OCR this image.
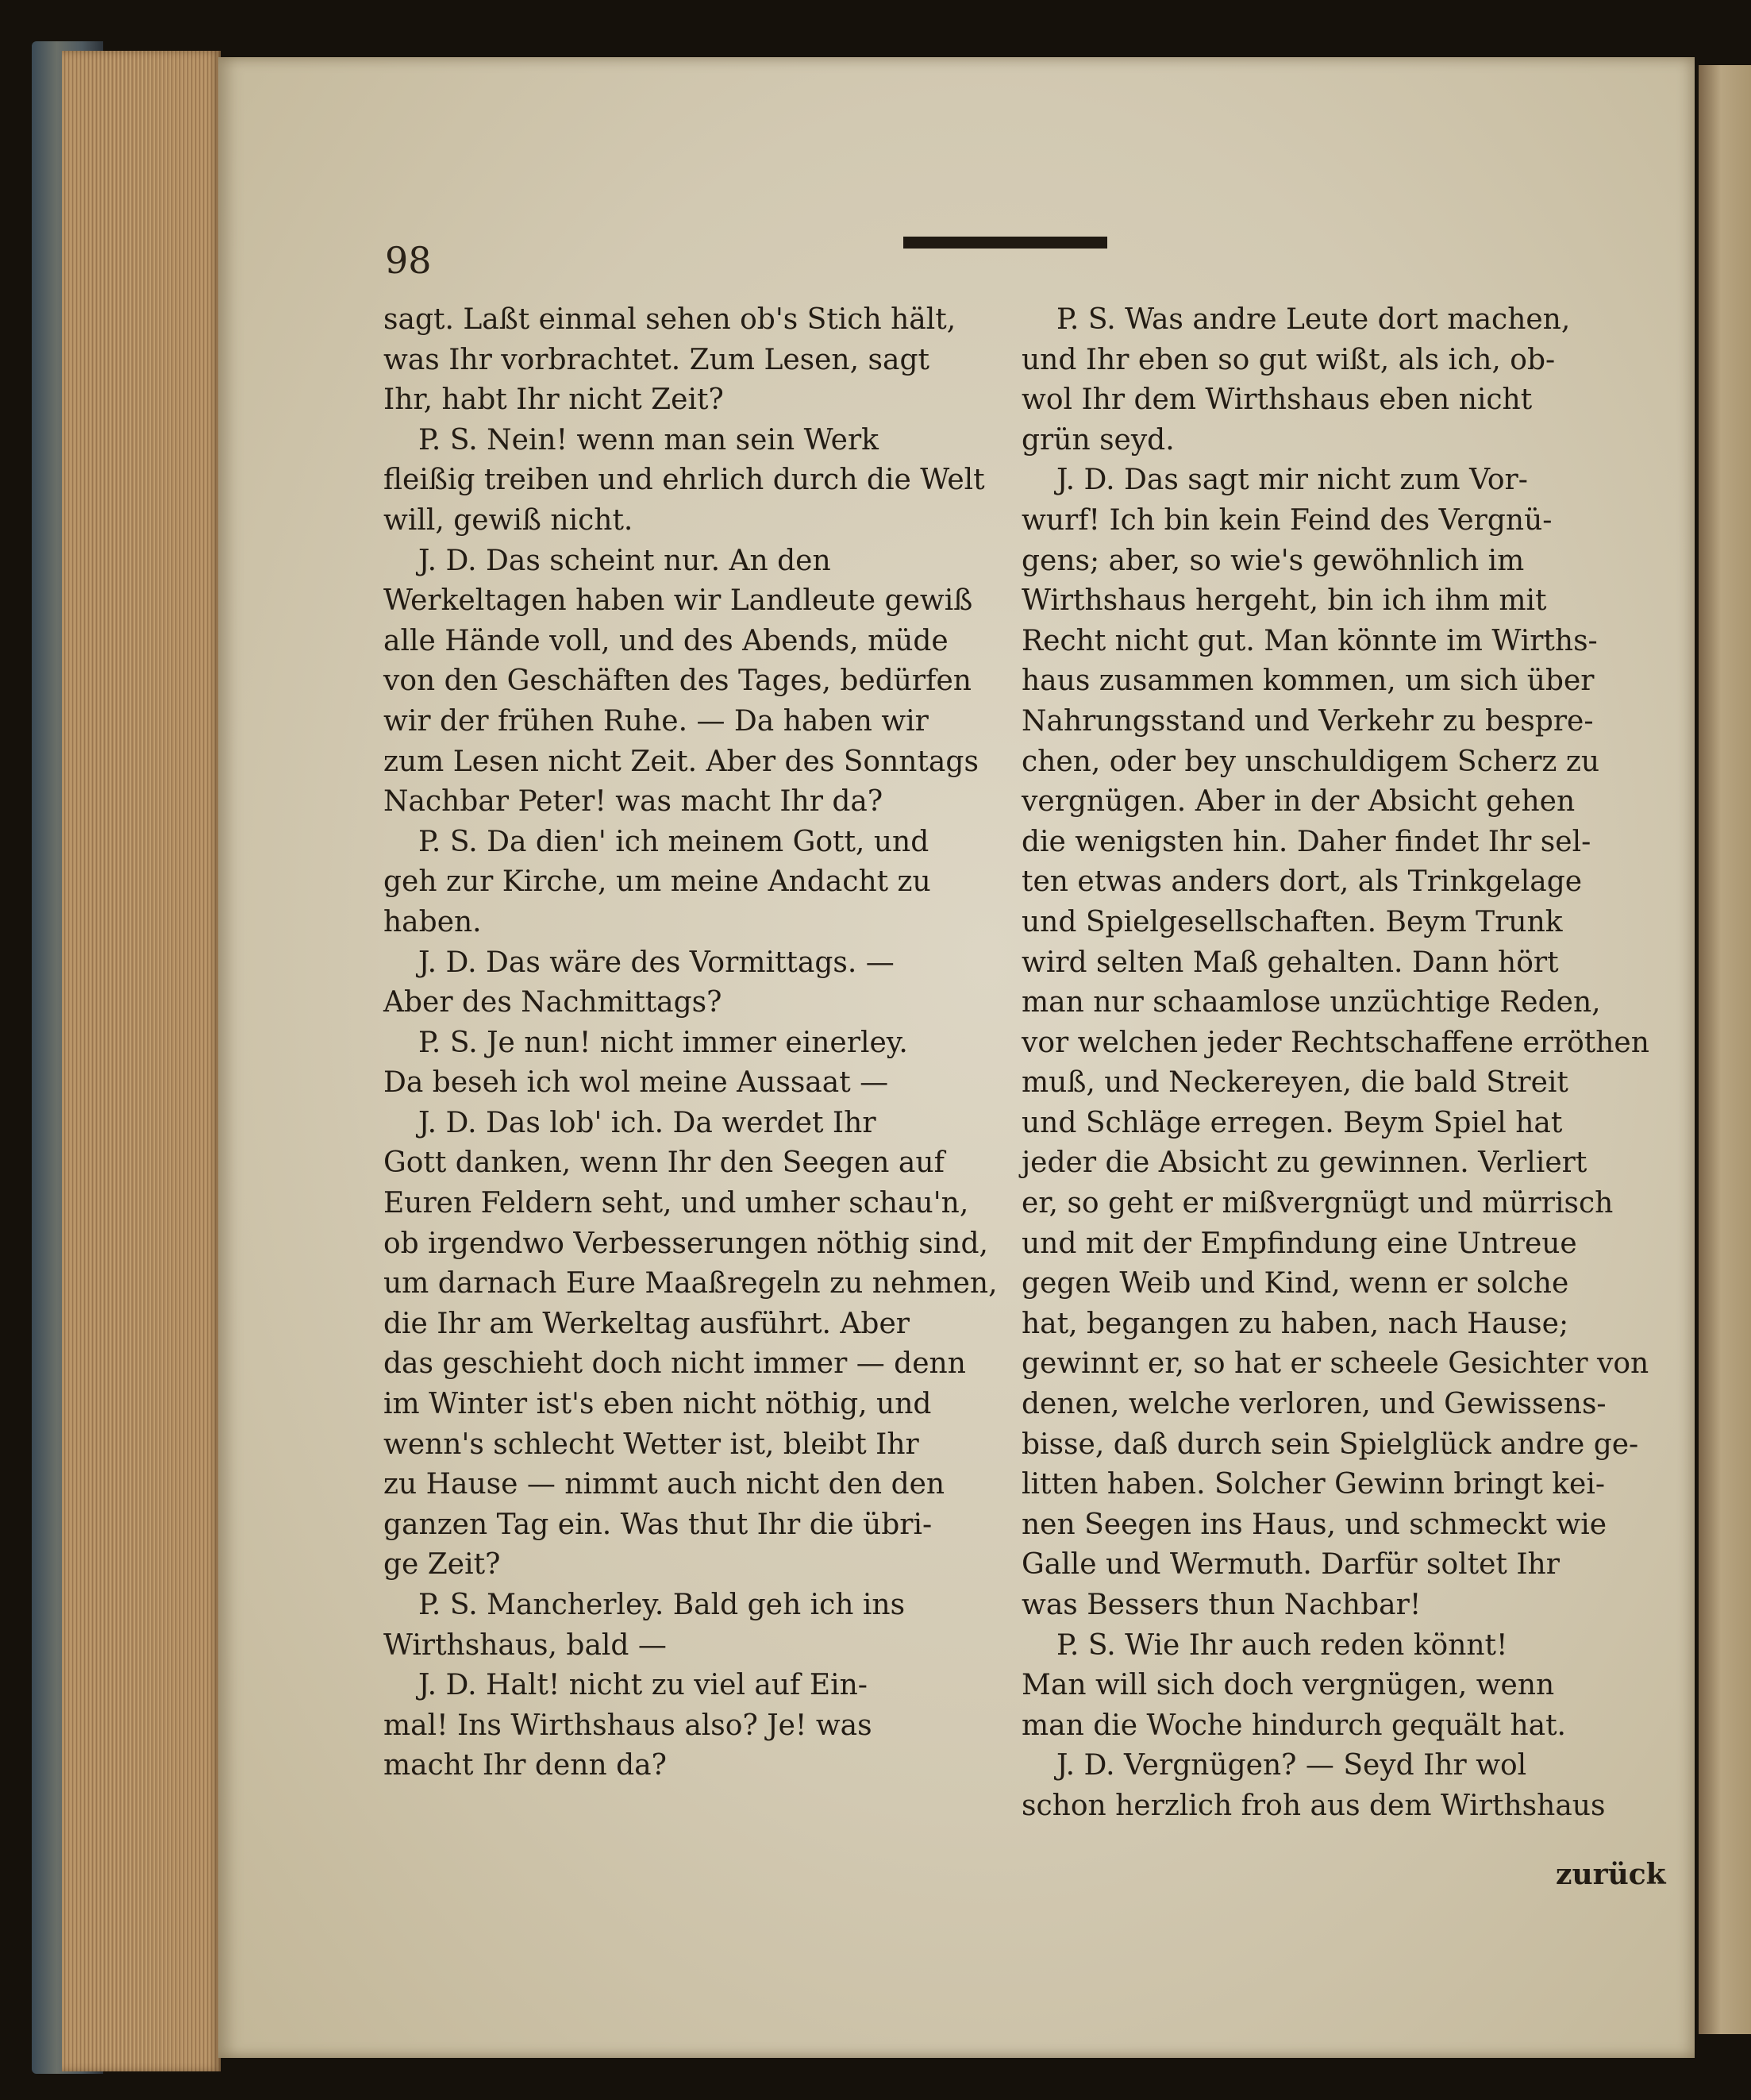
98
sagt. Laßt einmal sehen ob's Stich hält,
was Ihr vorbrachtet. Zum Lesen, sagt
Ihr, habt Ihr nicht Zeit?
P. S. Nein! wenn man sein Werk
fleißig treiben und ehrlich durch die Welt
will, gewiß nicht.
J. D. Das scheint nur. An den
Werkeltagen haben wir Landleute gewiß
alle Hände voll, und des Abends, müde
von den Geschäften des Tages, bedürfen
wir der frühen Ruhe. — Da haben wir
zum Lesen nicht Zeit. Aber des Sonntags
Nachbar Peter! was macht Ihr da?
P. S. Da dien' ich meinem Gott, und
geh zur Kirche, um meine Andacht zu
haben.
J. D. Das wäre des Vormittags. —
Aber des Nachmittags?
P. S. Je nun! nicht immer einerley.
Da beseh ich wol meine Aussaat —
J. D. Das lob' ich. Da werdet Ihr
Gott danken, wenn Ihr den Seegen auf
Euren Feldern seht, und umher schau'n,
ob irgendwo Verbesserungen nöthig sind,
um darnach Eure Maaßregeln zu nehmen,
die Ihr am Werkeltag ausführt. Aber
das geschieht doch nicht immer — denn
im Winter ist's eben nicht nöthig, und
wenn's schlecht Wetter ist, bleibt Ihr
zu Hause — nimmt auch nicht den den
ganzen Tag ein. Was thut Ihr die übri-
ge Zeit?
P. S. Mancherley. Bald geh ich ins
Wirthshaus, bald —
J. D. Halt! nicht zu viel auf Ein-
mal! Ins Wirthshaus also? Je! was
macht Ihr denn da?
P. S. Was andre Leute dort machen,
und Ihr eben so gut wißt, als ich, ob-
wol Ihr dem Wirthshaus eben nicht
grün seyd.
J. D. Das sagt mir nicht zum Vor-
wurf! Ich bin kein Feind des Vergnü-
gens; aber, so wie's gewöhnlich im
Wirthshaus hergeht, bin ich ihm mit
Recht nicht gut. Man könnte im Wirths-
haus zusammen kommen, um sich über
Nahrungsstand und Verkehr zu bespre-
chen, oder bey unschuldigem Scherz zu
vergnügen. Aber in der Absicht gehen
die wenigsten hin. Daher findet Ihr sel-
ten etwas anders dort, als Trinkgelage
und Spielgesellschaften. Beym Trunk
wird selten Maß gehalten. Dann hört
man nur schaamlose unzüchtige Reden,
vor welchen jeder Rechtschaffene erröthen
muß, und Neckereyen, die bald Streit
und Schläge erregen. Beym Spiel hat
jeder die Absicht zu gewinnen. Verliert
er, so geht er mißvergnügt und mürrisch
und mit der Empfindung eine Untreue
gegen Weib und Kind, wenn er solche
hat, begangen zu haben, nach Hause;
gewinnt er, so hat er scheele Gesichter von
denen, welche verloren, und Gewissens-
bisse, daß durch sein Spielglück andre ge-
litten haben. Solcher Gewinn bringt kei-
nen Seegen ins Haus, und schmeckt wie
Galle und Wermuth. Darfür soltet Ihr
was Bessers thun Nachbar!
P. S. Wie Ihr auch reden könnt!
Man will sich doch vergnügen, wenn
man die Woche hindurch gequält hat.
J. D. Vergnügen? — Seyd Ihr wol
schon herzlich froh aus dem Wirthshaus
zurück
